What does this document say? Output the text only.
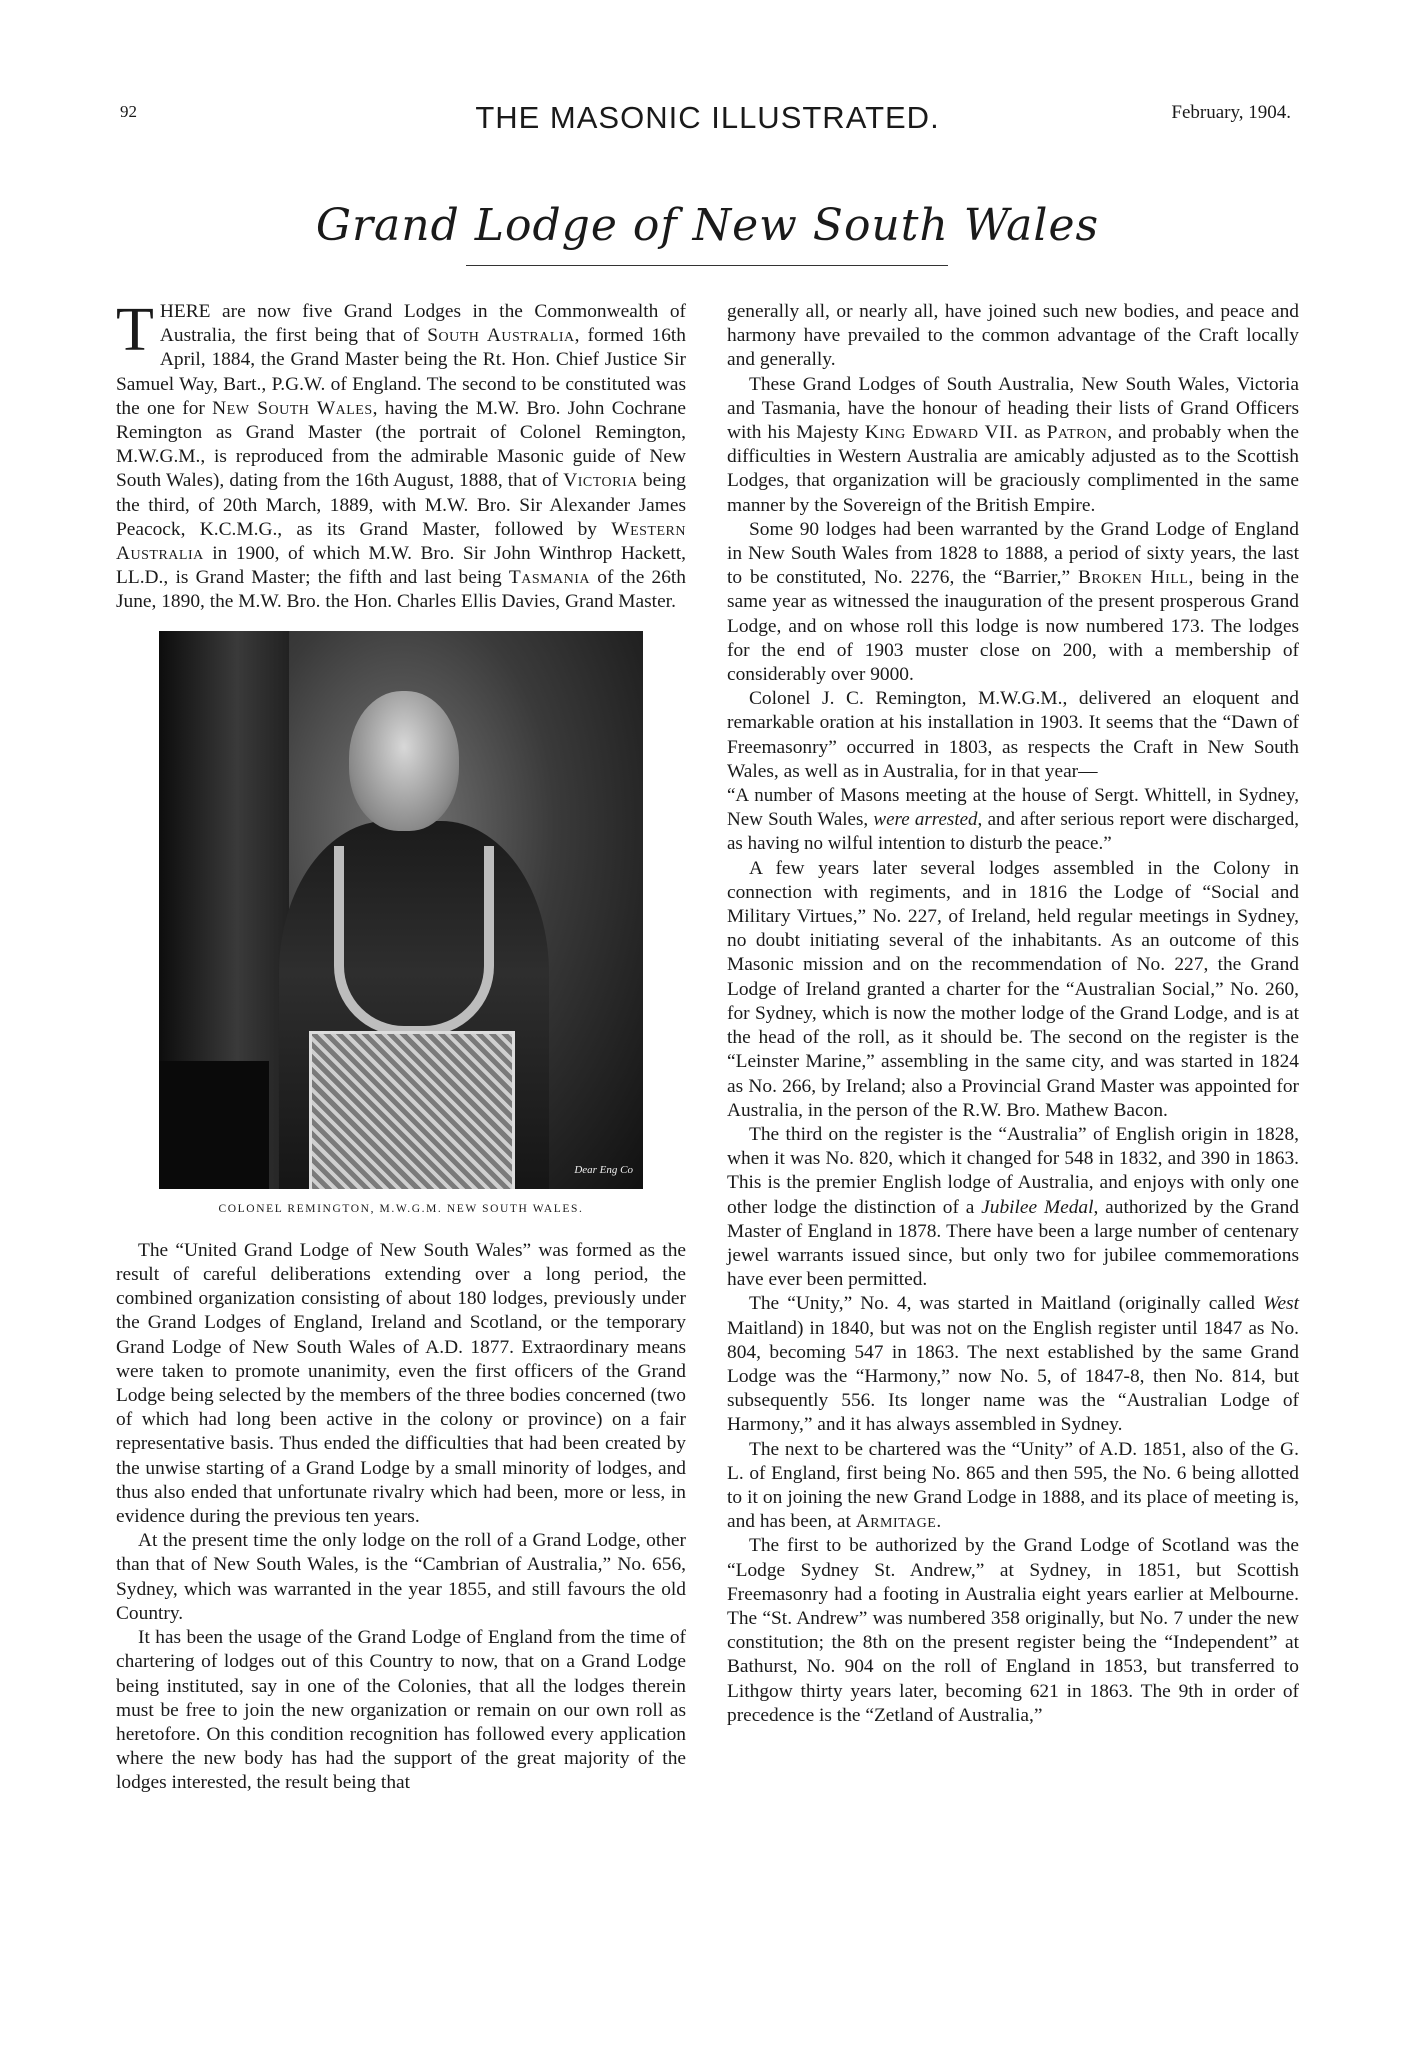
92	THE MASONIC ILLUSTRATED.	February, 1904.
Grand Lodge of New South Wales

THERE are now five Grand Lodges in the Commonwealth of Australia, the first being that of South Australia, formed 16th April, 1884, the Grand Master being the Rt. Hon. Chief Justice Sir Samuel Way, Bart., P.G.W. of England. The second to be constituted was the one for New South Wales, having the M.W. Bro. John Cochrane Remington as Grand Master (the portrait of Colonel Remington, M.W.G.M., is reproduced from the admirable Masonic guide of New South Wales), dating from the 16th August, 1888, that of Victoria being the third, of 20th March, 1889, with M.W. Bro. Sir Alexander James Peacock, K.C.M.G., as its Grand Master, followed by Western Australia in 1900, of which M.W. Bro. Sir John Winthrop Hackett, LL.D., is Grand Master; the fifth and last being Tasmania of the 26th June, 1890, the M.W. Bro. the Hon. Charles Ellis Davies, Grand Master.

Dear Eng Co
COLONEL REMINGTON, M.W.G.M. NEW SOUTH WALES.

The “United Grand Lodge of New South Wales” was formed as the result of careful deliberations extending over a long period, the combined organization consisting of about 180 lodges, previously under the Grand Lodges of England, Ireland and Scotland, or the temporary Grand Lodge of New South Wales of A.D. 1877. Extraordinary means were taken to promote unanimity, even the first officers of the Grand Lodge being selected by the members of the three bodies concerned (two of which had long been active in the colony or province) on a fair representative basis. Thus ended the difficulties that had been created by the unwise starting of a Grand Lodge by a small minority of lodges, and thus also ended that unfortunate rivalry which had been, more or less, in evidence during the previous ten years.

At the present time the only lodge on the roll of a Grand Lodge, other than that of New South Wales, is the “Cambrian of Australia,” No. 656, Sydney, which was warranted in the year 1855, and still favours the old Country.

It has been the usage of the Grand Lodge of England from the time of chartering of lodges out of this Country to now, that on a Grand Lodge being instituted, say in one of the Colonies, that all the lodges therein must be free to join the new organization or remain on our own roll as heretofore. On this condition recognition has followed every application where the new body has had the support of the great majority of the lodges interested, the result being that

generally all, or nearly all, have joined such new bodies, and peace and harmony have prevailed to the common advantage of the Craft locally and generally.

These Grand Lodges of South Australia, New South Wales, Victoria and Tasmania, have the honour of heading their lists of Grand Officers with his Majesty King Edward VII. as Patron, and probably when the difficulties in Western Australia are amicably adjusted as to the Scottish Lodges, that organization will be graciously complimented in the same manner by the Sovereign of the British Empire.

Some 90 lodges had been warranted by the Grand Lodge of England in New South Wales from 1828 to 1888, a period of sixty years, the last to be constituted, No. 2276, the “Barrier,” Broken Hill, being in the same year as witnessed the inauguration of the present prosperous Grand Lodge, and on whose roll this lodge is now numbered 173. The lodges for the end of 1903 muster close on 200, with a membership of considerably over 9000.

Colonel J. C. Remington, M.W.G.M., delivered an eloquent and remarkable oration at his installation in 1903. It seems that the “Dawn of Freemasonry” occurred in 1803, as respects the Craft in New South Wales, as well as in Australia, for in that year—

“A number of Masons meeting at the house of Sergt. Whittell, in Sydney, New South Wales, were arrested, and after serious report were discharged, as having no wilful intention to disturb the peace.”

A few years later several lodges assembled in the Colony in connection with regiments, and in 1816 the Lodge of “Social and Military Virtues,” No. 227, of Ireland, held regular meetings in Sydney, no doubt initiating several of the inhabitants. As an outcome of this Masonic mission and on the recommendation of No. 227, the Grand Lodge of Ireland granted a charter for the “Australian Social,” No. 260, for Sydney, which is now the mother lodge of the Grand Lodge, and is at the head of the roll, as it should be. The second on the register is the “Leinster Marine,” assembling in the same city, and was started in 1824 as No. 266, by Ireland; also a Provincial Grand Master was appointed for Australia, in the person of the R.W. Bro. Mathew Bacon.

The third on the register is the “Australia” of English origin in 1828, when it was No. 820, which it changed for 548 in 1832, and 390 in 1863. This is the premier English lodge of Australia, and enjoys with only one other lodge the distinction of a Jubilee Medal, authorized by the Grand Master of England in 1878. There have been a large number of centenary jewel warrants issued since, but only two for jubilee commemorations have ever been permitted.

The “Unity,” No. 4, was started in Maitland (originally called West Maitland) in 1840, but was not on the English register until 1847 as No. 804, becoming 547 in 1863. The next established by the same Grand Lodge was the “Harmony,” now No. 5, of 1847-8, then No. 814, but subsequently 556. Its longer name was the “Australian Lodge of Harmony,” and it has always assembled in Sydney.

The next to be chartered was the “Unity” of A.D. 1851, also of the G. L. of England, first being No. 865 and then 595, the No. 6 being allotted to it on joining the new Grand Lodge in 1888, and its place of meeting is, and has been, at Armitage.

The first to be authorized by the Grand Lodge of Scotland was the “Lodge Sydney St. Andrew,” at Sydney, in 1851, but Scottish Freemasonry had a footing in Australia eight years earlier at Melbourne. The “St. Andrew” was numbered 358 originally, but No. 7 under the new constitution; the 8th on the present register being the “Independent” at Bathurst, No. 904 on the roll of England in 1853, but transferred to Lithgow thirty years later, becoming 621 in 1863. The 9th in order of precedence is the “Zetland of Australia,”
